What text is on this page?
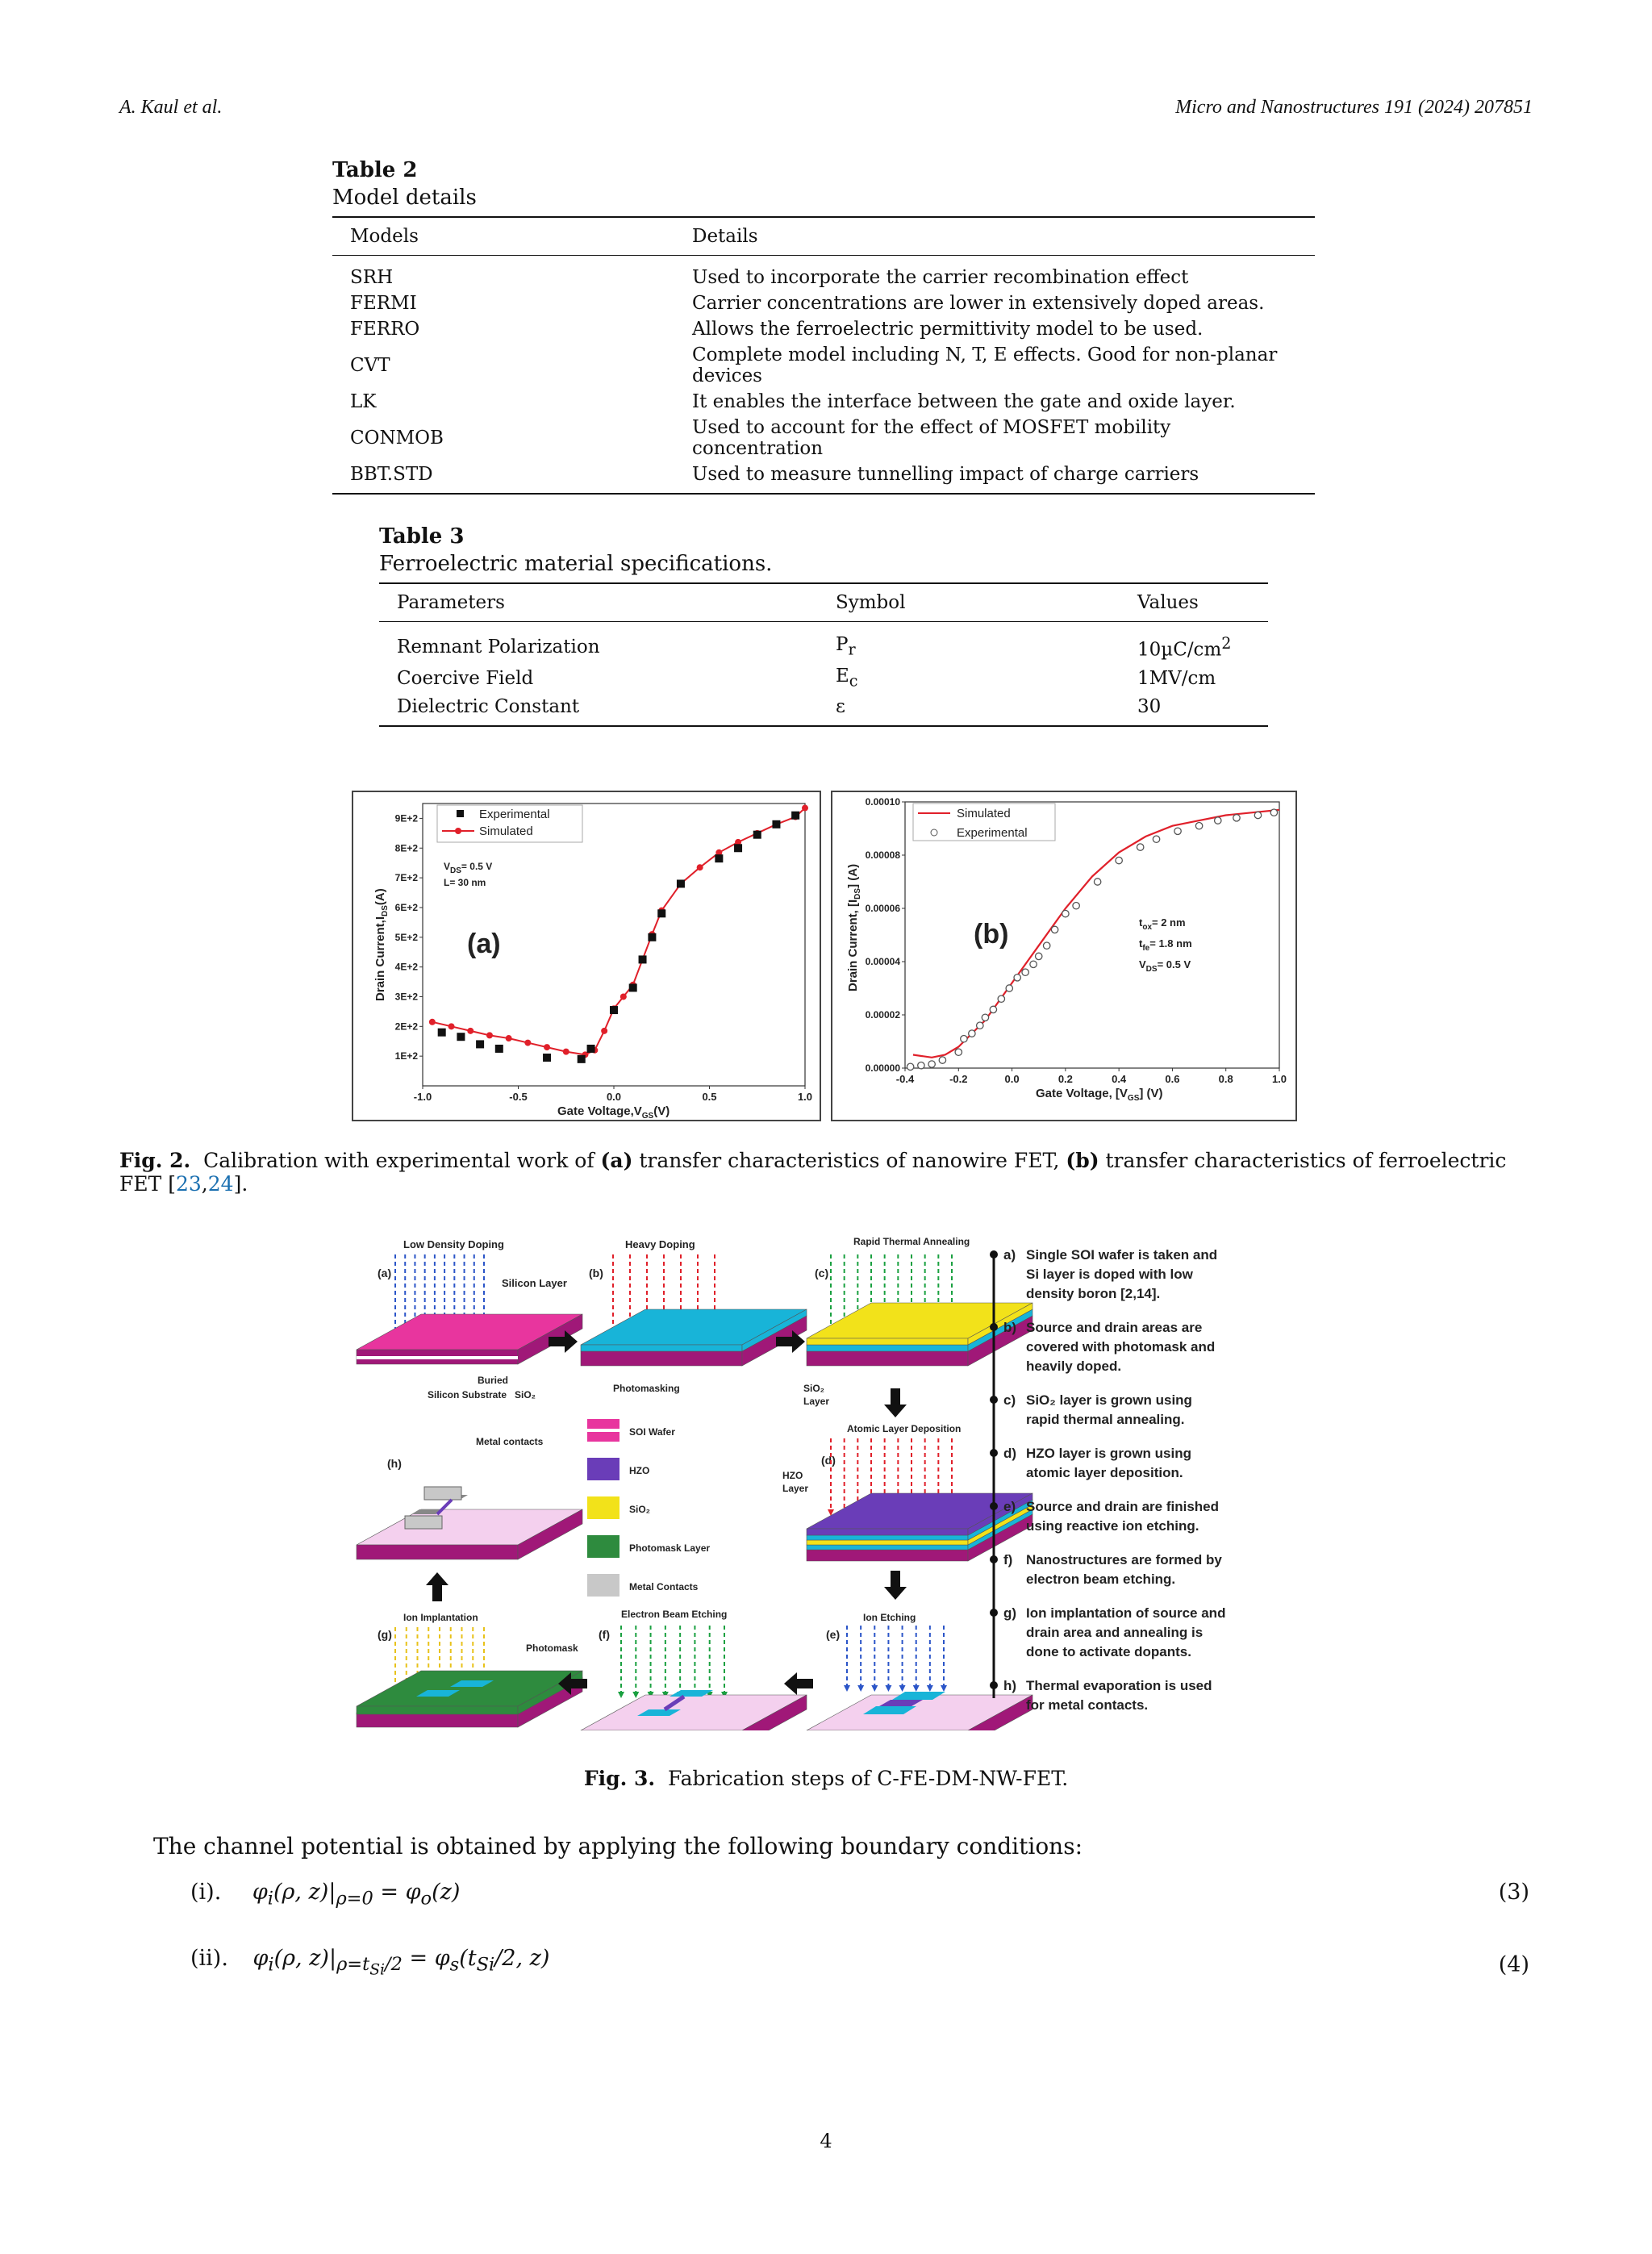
A. Kaul et al.	Micro and Nanostructures 191 (2024) 207851
Table 2
Model details
Models	Details
SRH	Used to incorporate the carrier recombination effect
FERMI	Carrier concentrations are lower in extensively doped areas.
FERRO	Allows the ferroelectric permittivity model to be used.
CVT	Complete model including N, T, E effects. Good for non-planar devices
LK	It enables the interface between the gate and oxide layer.
CONMOB	Used to account for the effect of MOSFET mobility concentration
BBT.STD	Used to measure tunnelling impact of charge carriers
Table 3
Ferroelectric material specifications.
Parameters	Symbol	Values
Remnant Polarization	$P_r$	$10\mu C/cm^2$
Coercive Field	$E_c$	1MV/cm
Dielectric Constant	ε	30
-1.0	-0.5	0.0	0.5	1.0
1E+2
2E+2
3E+2
4E+2
5E+2
6E+2
7E+2
8E+2
9E+2
Gate $Voltage,V_{GS}(V)$
Drain $Current,I_{DS}(A)$
(a)
Experimental
Simulated
$V_{DS}= 0.5$ V
L= 30 nm
-0.4	-0.2	0.0	0.2	0.4	0.6	0.8	1.0
0.00000
0.00002
0.00004
0.00006
0.00008
0.00010
Gate Voltage, $[V_{GS}]$ (V)
Drain Current, $[I_{DS}]$ (A)
(b)
Simulated
Experimental
$t_{ox}= 2$ nm
$t_{fe}= 1.8$ nm
$V_{DS}= 0.5$ V
Fig. 2. Calibration with experimental work of (a) transfer characteristics of nanowire FET, (b) transfer characteristics of ferroelectric FET [23,24].
Low Density Doping
(a)
Silicon Layer
Buried
Silicon Substrate SiO₂
Heavy Doping
(b)
Photomasking
Rapid Thermal Annealing
(c)
SiO₂
Layer
Atomic Layer Deposition
(d)
HZO
Layer
SOI Wafer
HZO
SiO₂
Photomask Layer
Metal Contacts
Metal contacts
(h)
Ion Implantation
(g)
Photomask
Electron Beam Etching
(f)
Ion Etching
(e)
a) Single SOI wafer is taken and
Si layer is doped with low
density boron [2,14].
b) Source and drain areas are
covered with photomask and
heavily doped.
c) SiO₂ layer is grown using
rapid thermal annealing.
d) HZO layer is grown using
atomic layer deposition.
e) Source and drain are finished
using reactive ion etching.
f) Nanostructures are formed by
electron beam etching.
g) Ion implantation of source and
drain area and annealing is
done to activate dopants.
h) Thermal evaporation is used
for metal contacts.
Fig. 3. Fabrication steps of C-FE-DM-NW-FET.
The channel potential is obtained by applying the following boundary conditions:
(i). $\varphi_i(\rho$, $z)|_{\rho=0} = \varphi_o(z)$	(3)
(ii). $\varphi_i(\rho$, $z)|_{\rho=t_{Si}/2} = \varphi_s(t_{Si}/2$, z)	(4)
4
